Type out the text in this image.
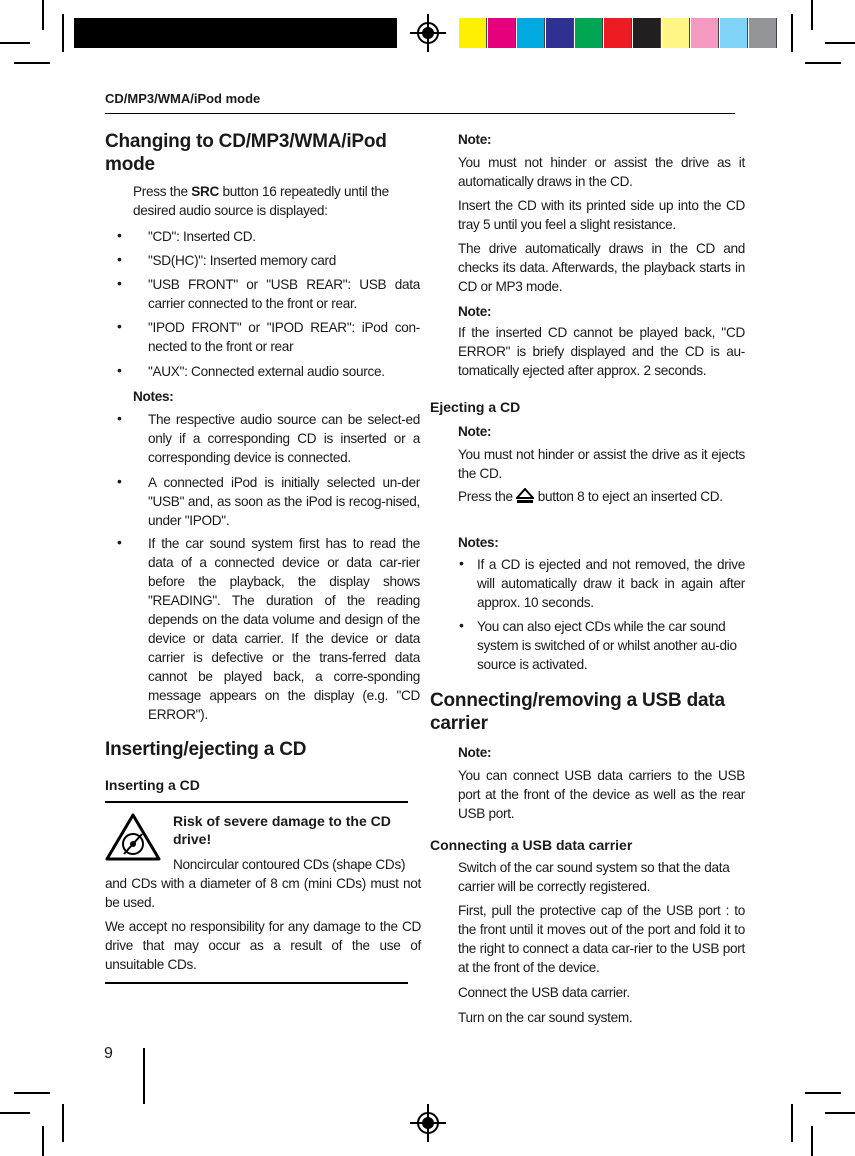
CD/MP3/WMA/iPod mode
Changing to CD/MP3/WMA/iPod mode
Press the SRC button 16 repeatedly until the
desired audio source is displayed:
• "CD": Inserted CD.
• "SD(HC)": Inserted memory card
• "USB FRONT" or "USB REAR": USB data carrier connected to the front or rear.
• "IPOD FRONT" or "IPOD REAR": iPod con-nected to the front or rear
• "AUX": Connected external audio source.
Notes:
• The respective audio source can be select-ed only if a corresponding CD is inserted or a corresponding device is connected.
• A connected iPod is initially selected un-der "USB" and, as soon as the iPod is recog-nised, under "IPOD".
• If the car sound system first has to read the data of a connected device or data car-rier before the playback, the display shows "READING". The duration of the reading depends on the data volume and design of the device or data carrier. If the device or data carrier is defective or the trans-ferred data cannot be played back, a corre-sponding message appears on the display (e.g. "CD ERROR").
Inserting/ejecting a CD
Inserting a CD
Risk of severe damage to the CD drive!
Noncircular contoured CDs (shape CDs)
and CDs with a diameter of 8 cm (mini CDs) must not be used.
We accept no responsibility for any damage to the CD drive that may occur as a result of the use of unsuitable CDs.
Note:
You must not hinder or assist the drive as it automatically draws in the CD.
Insert the CD with its printed side up into the CD tray 5 until you feel a slight resistance.
The drive automatically draws in the CD and checks its data. Afterwards, the playback starts in CD or MP3 mode.
Note:
If the inserted CD cannot be played back, "CD ERROR" is briefy displayed and the CD is au-tomatically ejected after approx. 2 seconds.
Ejecting a CD
Note:
You must not hinder or assist the drive as it ejects the CD.
Press the button 8 to eject an inserted CD.
Notes:
• If a CD is ejected and not removed, the drive will automatically draw it back in again after approx. 10 seconds.
• You can also eject CDs while the car sound system is switched of or whilst another au-dio source is activated.
Connecting/removing a USB data carrier
Note:
You can connect USB data carriers to the USB port at the front of the device as well as the rear USB port.
Connecting a USB data carrier
Switch of the car sound system so that the data carrier will be correctly registered.
First, pull the protective cap of the USB port : to the front until it moves out of the port and fold it to the right to connect a data car-rier to the USB port at the front of the device.
Connect the USB data carrier.
Turn on the car sound system.
9
